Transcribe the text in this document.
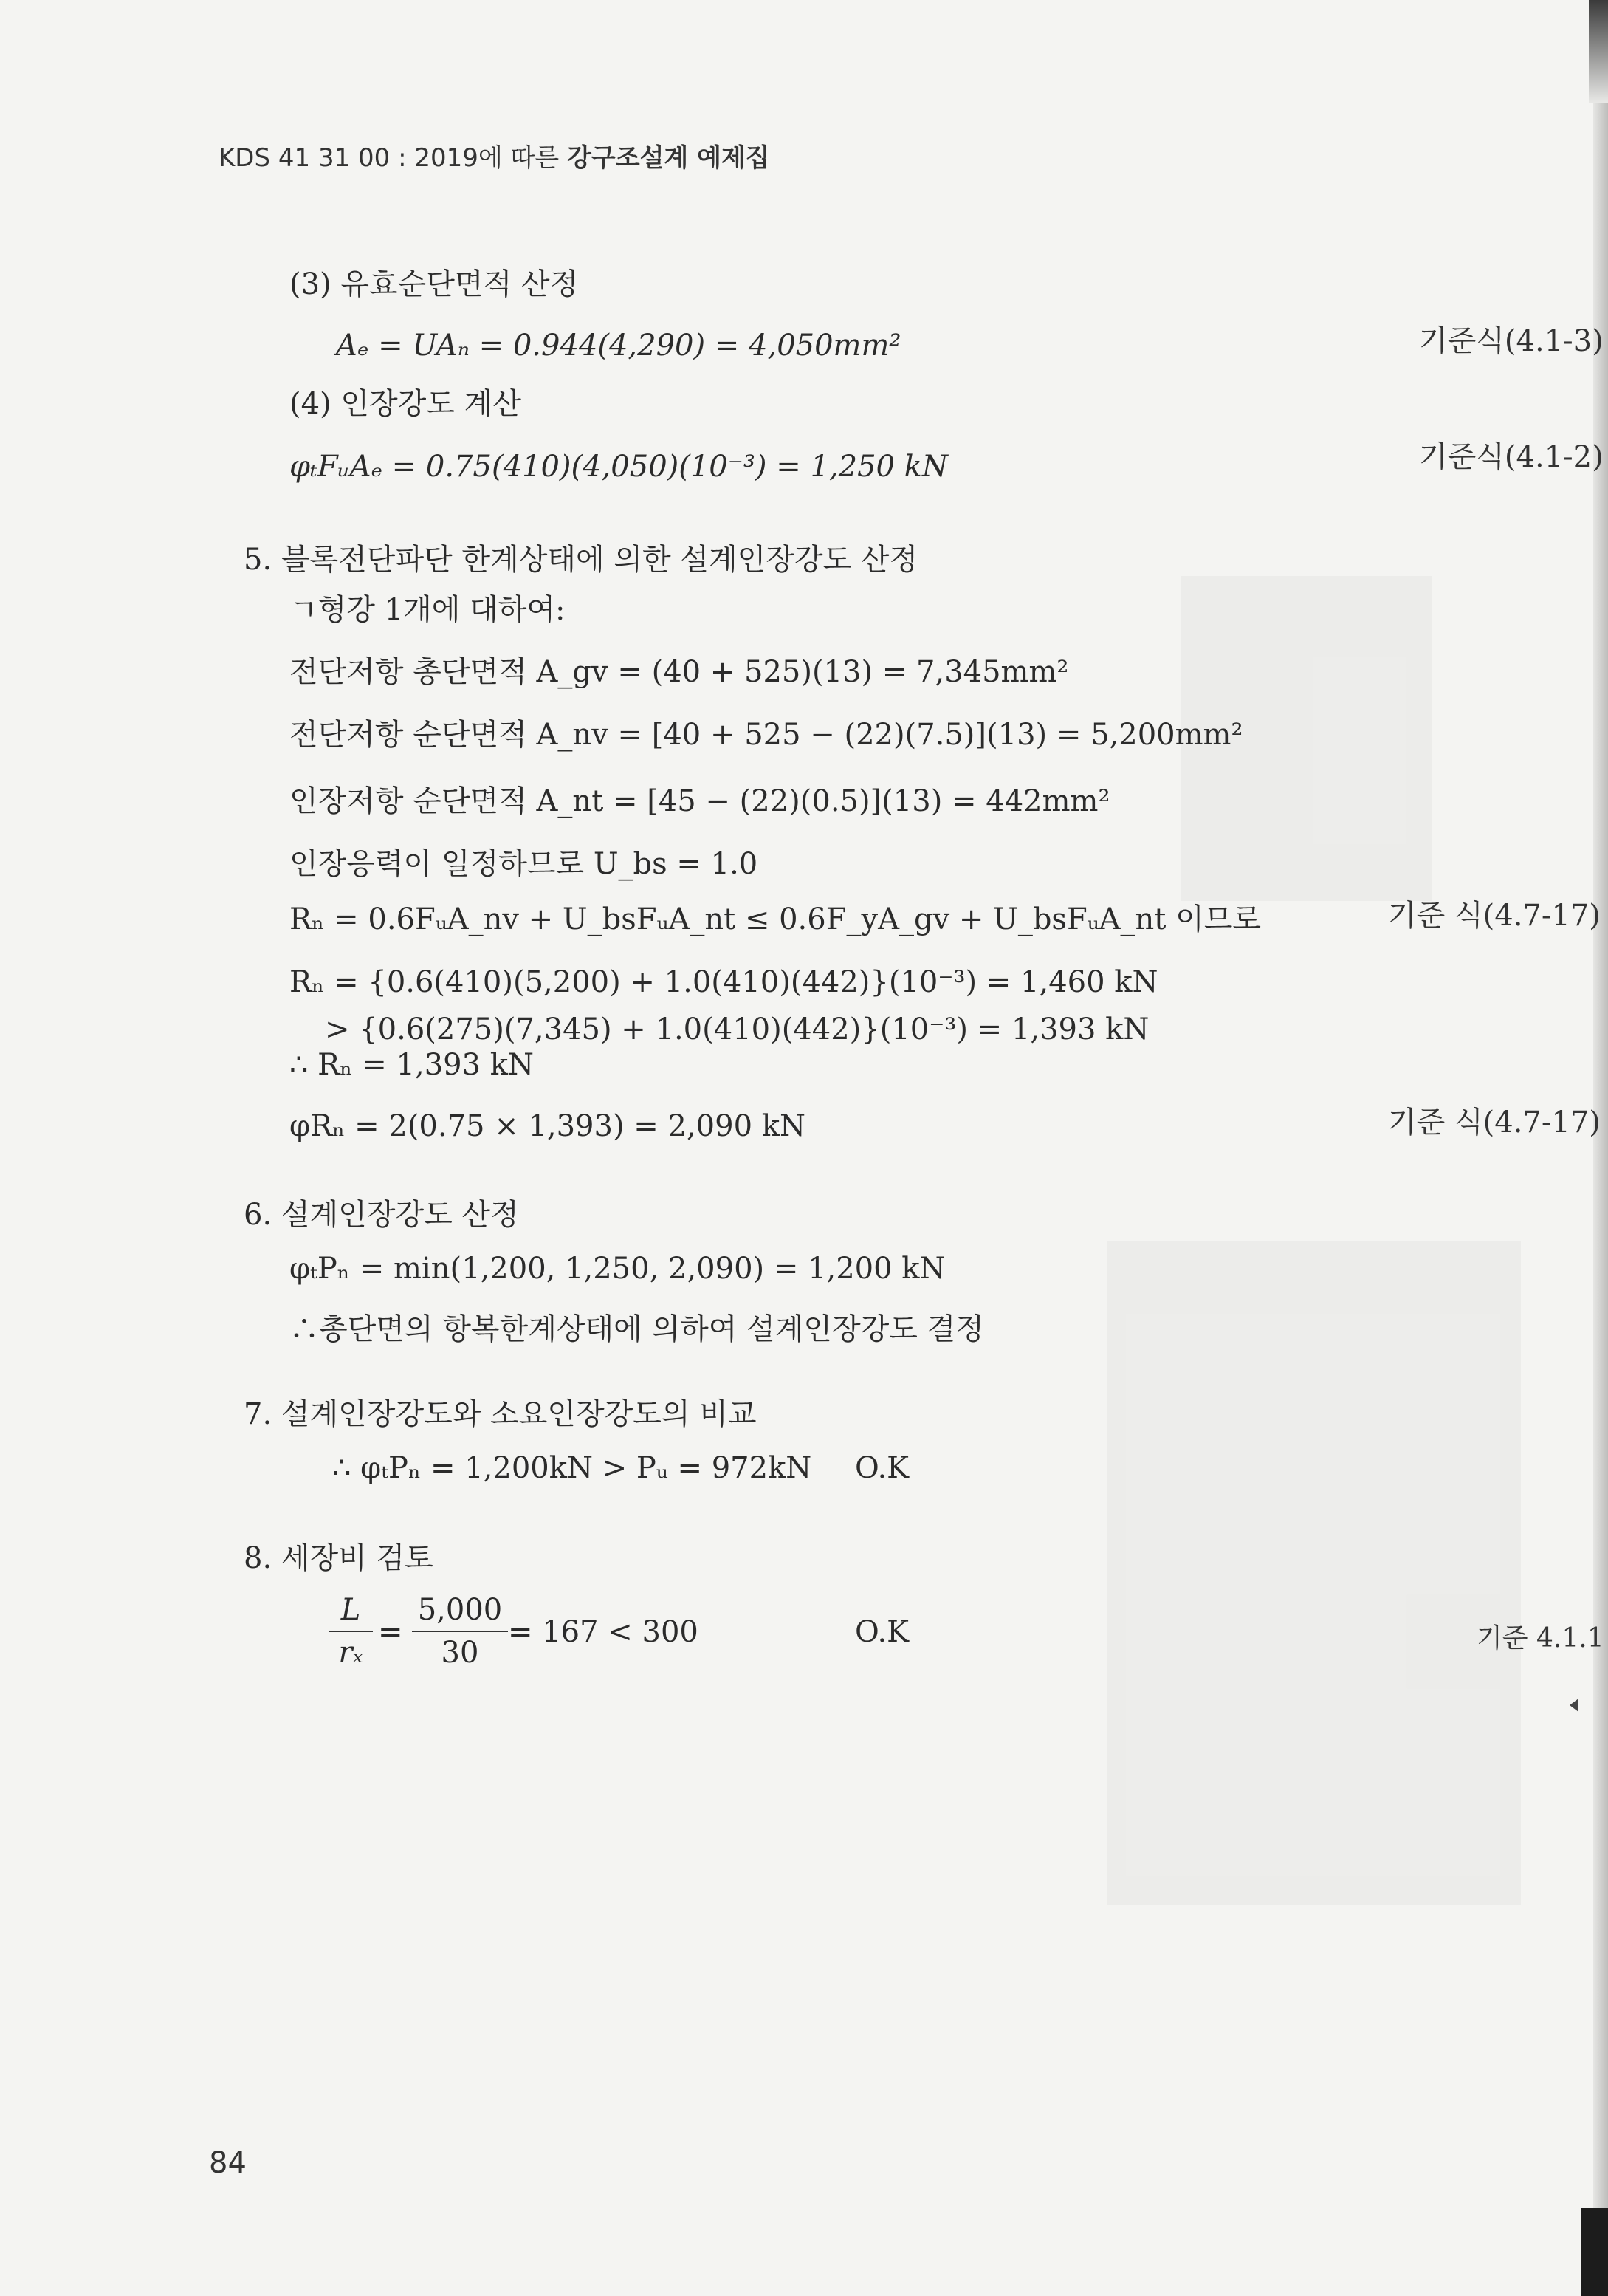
KDS 41 31 00 : 2019에 따른 강구조설계 예제집
(3) 유효순단면적 산정
Aₑ = UAₙ = 0.944(4,290) = 4,050mm²	기준식(4.1-3)
(4) 인장강도 계산
φₜFᵤAₑ = 0.75(410)(4,050)(10⁻³) = 1,250 kN	기준식(4.1-2)
5. 블록전단파단 한계상태에 의한 설계인장강도 산정
ㄱ형강 1개에 대하여:
전단저항 총단면적 A_gv = (40 + 525)(13) = 7,345mm²
전단저항 순단면적 A_nv = [40 + 525 − (22)(7.5)](13) = 5,200mm²
인장저항 순단면적 A_nt = [45 − (22)(0.5)](13) = 442mm²
인장응력이 일정하므로 U_bs = 1.0
Rₙ = 0.6FᵤA_nv + U_bsFᵤA_nt ≤ 0.6F_yA_gv + U_bsFᵤA_nt 이므로	기준 식(4.7-17)
Rₙ = {0.6(410)(5,200) + 1.0(410)(442)}(10⁻³) = 1,460 kN
> {0.6(275)(7,345) + 1.0(410)(442)}(10⁻³) = 1,393 kN
∴ Rₙ = 1,393 kN
φRₙ = 2(0.75 × 1,393) = 2,090 kN	기준 식(4.7-17)
6. 설계인장강도 산정
φₜPₙ = min(1,200, 1,250, 2,090) = 1,200 kN
∴총단면의 항복한계상태에 의하여 설계인장강도 결정
7. 설계인장강도와 소요인장강도의 비교
∴ φₜPₙ = 1,200kN > Pᵤ = 972kN O.K
8. 세장비 검토
L
rₓ
=
5,000
30
= 167 < 300	O.K	기준 4.1.1
84
